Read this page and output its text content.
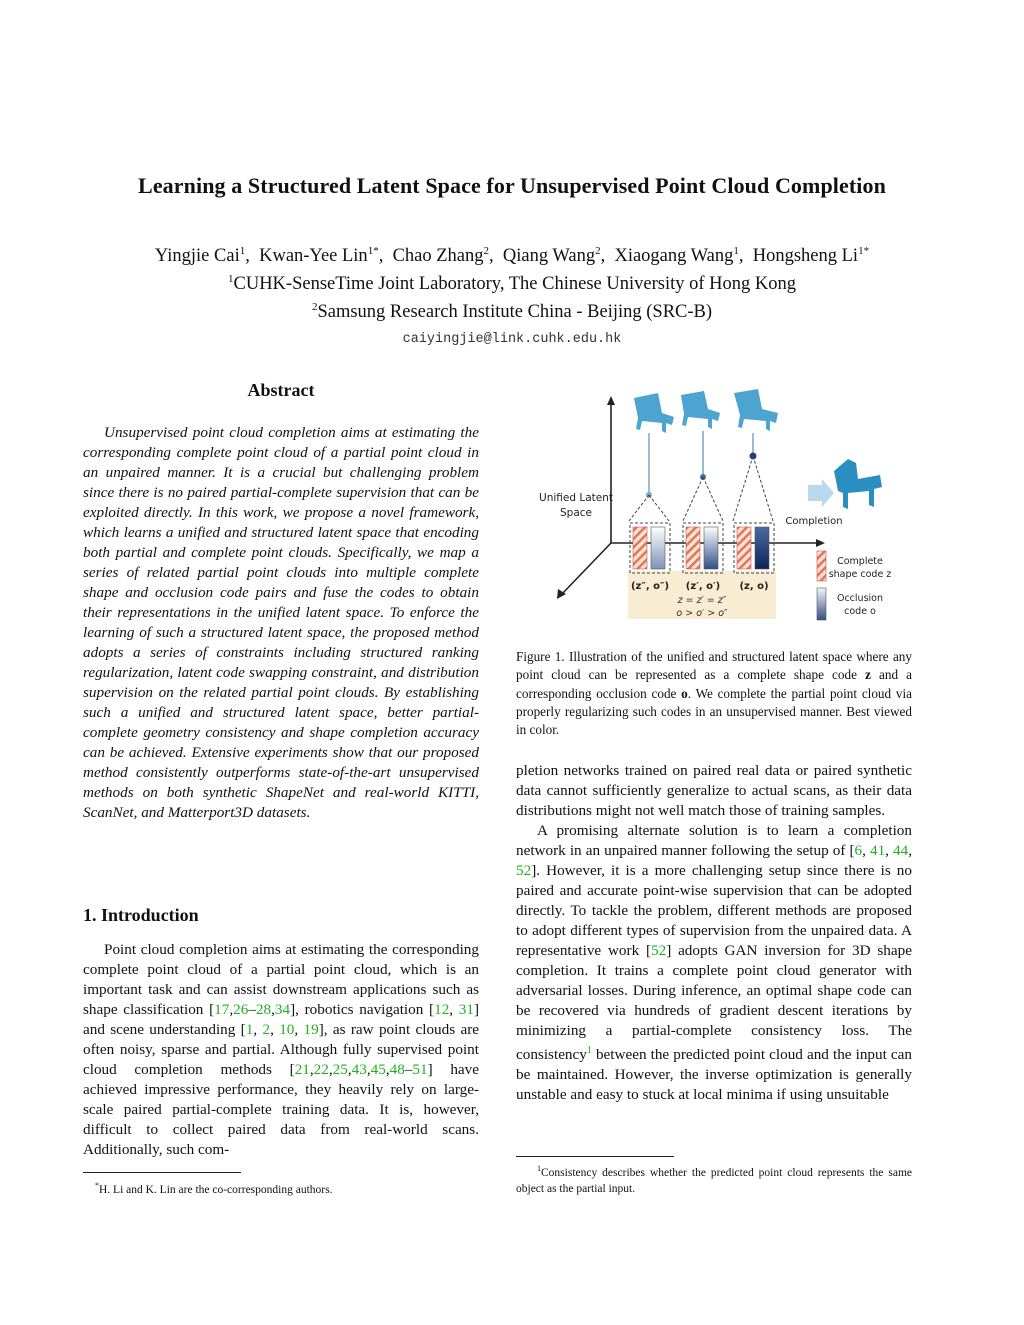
Learning a Structured Latent Space for Unsupervised Point Cloud Completion
Yingjie Cai$^1$,  Kwan-Yee Lin$^{1*}$,  Chao Zhang$^2$,  Qiang Wang$^2$,  Xiaogang Wang$^1$,  Hongsheng $Li^{1*}$
$^1$CUHK-SenseTime Joint Laboratory, The Chinese University of Hong Kong
$^2$Samsung Research Institute China - Beijing (SRC-B)
caiyingjie@link.cuhk.edu.hk
Abstract
Unsupervised point cloud completion aims at estimating the corresponding complete point cloud of a partial point cloud in an unpaired manner. It is a crucial but challenging problem since there is no paired partial-complete supervision that can be exploited directly. In this work, we propose a novel framework, which learns a unified and structured latent space that encoding both partial and complete point clouds. Specifically, we map a series of related partial point clouds into multiple complete shape and occlusion code pairs and fuse the codes to obtain their representations in the unified latent space. To enforce the learning of such a structured latent space, the proposed method adopts a series of constraints including structured ranking regularization, latent code swapping constraint, and distribution supervision on the related partial point clouds. By establishing such a unified and structured latent space, better partial-complete geometry consistency and shape completion accuracy can be achieved. Extensive experiments show that our proposed method consistently outperforms state-of-the-art unsupervised methods on both synthetic ShapeNet and real-world KITTI, ScanNet, and Matterport3D datasets.
1. Introduction
Point cloud completion aims at estimating the corresponding complete point cloud of a partial point cloud, which is an important task and can assist downstream applications such as shape classification [17,26–28,34], robotics navigation [12, 31] and scene understanding [1, 2, 10, 19], as raw point clouds are often noisy, sparse and partial. Although fully supervised point cloud completion methods [21,22,25,43,45,48–51] have achieved impressive performance, they heavily rely on large-scale paired partial-complete training data. It is, however, difficult to collect paired data from real-world scans. Additionally, such com-
*H. Li and K. Lin are the co-corresponding authors.
Unified Latent
Space
(z″, o″) (z′, o′) (z, o)
z = z′ = z″
o > o′ > o″
Completion
Complete
shape code z
Occlusion
code o
Figure 1. Illustration of the unified and structured latent space where any point cloud can be represented as a complete shape code z and a corresponding occlusion code o. We complete the partial point cloud via properly regularizing such codes in an unsupervised manner. Best viewed in color.

pletion networks trained on paired real data or paired synthetic data cannot sufficiently generalize to actual scans, as their data distributions might not well match those of training samples.

A promising alternate solution is to learn a completion network in an unpaired manner following the setup of [6, 41, 44, 52]. However, it is a more challenging setup since there is no paired and accurate point-wise supervision that can be adopted directly. To tackle the problem, different methods are proposed to adopt different types of supervision from the unpaired data. A representative work [52] adopts GAN inversion for 3D shape completion. It trains a complete point cloud generator with adversarial losses. During inference, an optimal shape code can be recovered via hundreds of gradient descent iterations by minimizing a partial-complete consistency loss. The consistency$^1$ between the predicted point cloud and the input can be maintained. However, the inverse optimization is generally unstable and easy to stuck at local minima if using unsuitable

$^1$Consistency describes whether the predicted point cloud represents the same object as the partial input.
